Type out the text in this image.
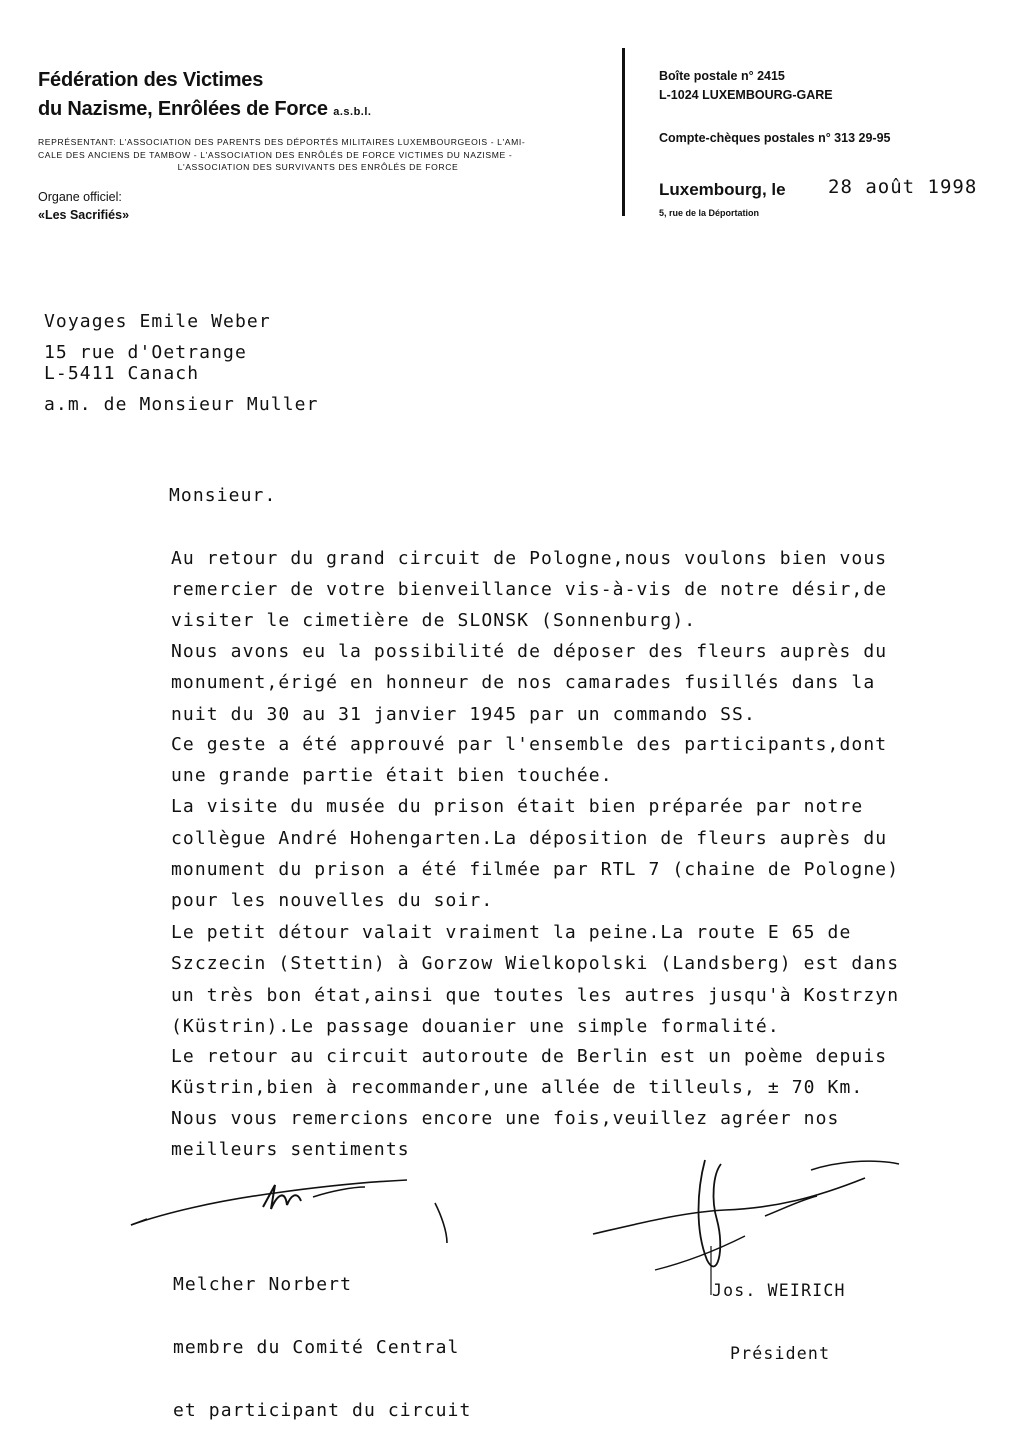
Fédération des Victimes
du Nazisme, Enrôlées de Force a.s.b.l.
REPRÉSENTANT: L'ASSOCIATION DES PARENTS DES DÉPORTÉS MILITAIRES LUXEMBOURGEOIS - L'AMI-
CALE DES ANCIENS DE TAMBOW - L'ASSOCIATION DES ENRÔLÉS DE FORCE VICTIMES DU NAZISME -
L'ASSOCIATION DES SURVIVANTS DES ENRÔLÉS DE FORCE
Organe officiel:
«Les Sacrifiés»
Boîte postale n° 2415
L-1024 LUXEMBOURG-GARE
Compte-chèques postales n° 313 29-95
Luxembourg, le 28 août 1998
5, rue de la Déportation
Voyages Emile Weber
15 rue d'Oetrange
L-5411 Canach
a.m. de Monsieur Muller
Monsieur.
Au retour du grand circuit de Pologne,nous voulons bien vous
remercier de votre bienveillance vis-à-vis de notre désir,de
visiter le cimetière de SLONSK (Sonnenburg).
Nous avons eu la possibilité de déposer des fleurs auprès du
monument,érigé en honneur de nos camarades fusillés dans la
nuit du 30 au 31 janvier 1945 par un commando SS.
Ce geste a été approuvé par l'ensemble des participants,dont
une grande partie était bien touchée.
La visite du musée du prison était bien préparée par notre
collègue André Hohengarten.La déposition de fleurs auprès du
monument du prison a été filmée par RTL 7 (chaine de Pologne)
pour les nouvelles du soir.
Le petit détour valait vraiment la peine.La route E 65 de
Szczecin (Stettin) à Gorzow Wielkopolski (Landsberg) est dans
un très bon état,ainsi que toutes les autres jusqu'à Kostrzyn
(Küstrin).Le passage douanier une simple formalité.
Le retour au circuit autoroute de Berlin est un poème depuis
Küstrin,bien à recommander,une allée de tilleuls, ± 70 Km.
Nous vous remercions encore une fois,veuillez agréer nos
meilleurs sentiments

Melcher Norbert

membre du Comité Central

et participant du circuit

Jos. WEIRICH

Président
